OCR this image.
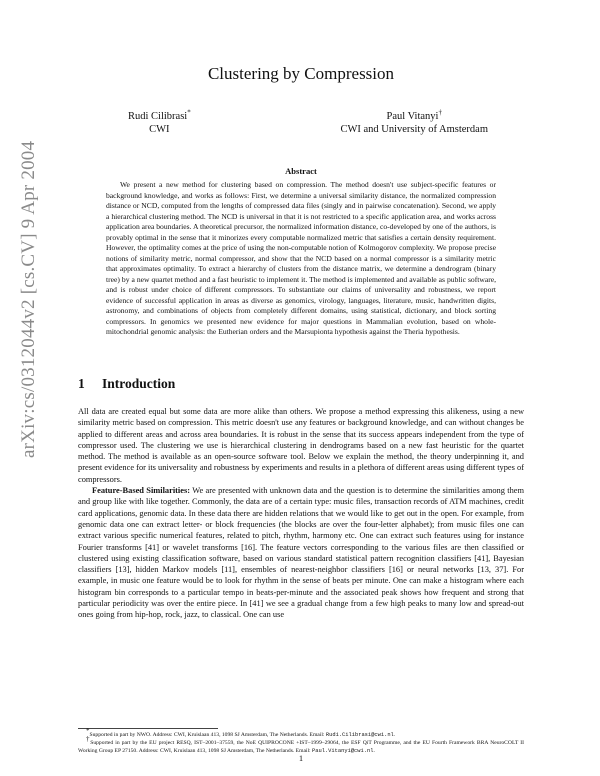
arXiv:cs/0312044v2 [cs.CV] 9 Apr 2004
Clustering by Compression
Rudi Cilibrasi*
CWI
Paul Vitanyi†
CWI and University of Amsterdam
Abstract
We present a new method for clustering based on compression. The method doesn't use subject-specific features or background knowledge, and works as follows: First, we determine a universal similarity distance, the normalized compression distance or NCD, computed from the lengths of compressed data files (singly and in pairwise concatenation). Second, we apply a hierarchical clustering method. The NCD is universal in that it is not restricted to a specific application area, and works across application area boundaries. A theoretical precursor, the normalized information distance, co-developed by one of the authors, is provably optimal in the sense that it minorizes every computable normalized metric that satisfies a certain density requirement. However, the optimality comes at the price of using the non-computable notion of Kolmogorov complexity. We propose precise notions of similarity metric, normal compressor, and show that the NCD based on a normal compressor is a similarity metric that approximates optimality. To extract a hierarchy of clusters from the distance matrix, we determine a dendrogram (binary tree) by a new quartet method and a fast heuristic to implement it. The method is implemented and available as public software, and is robust under choice of different compressors. To substantiate our claims of universality and robustness, we report evidence of successful application in areas as diverse as genomics, virology, languages, literature, music, handwritten digits, astronomy, and combinations of objects from completely different domains, using statistical, dictionary, and block sorting compressors. In genomics we presented new evidence for major questions in Mammalian evolution, based on whole-mitochondrial genomic analysis: the Eutherian orders and the Marsupionta hypothesis against the Theria hypothesis.
1 Introduction

All data are created equal but some data are more alike than others. We propose a method expressing this alikeness, using a new similarity metric based on compression. This metric doesn't use any features or background knowledge, and can without changes be applied to different areas and across area boundaries. It is robust in the sense that its success appears independent from the type of compressor used. The clustering we use is hierarchical clustering in dendrograms based on a new fast heuristic for the quartet method. The method is available as an open-source software tool. Below we explain the method, the theory underpinning it, and present evidence for its universality and robustness by experiments and results in a plethora of different areas using different types of compressors.

Feature-Based Similarities: We are presented with unknown data and the question is to determine the similarities among them and group like with like together. Commonly, the data are of a certain type: music files, transaction records of ATM machines, credit card applications, genomic data. In these data there are hidden relations that we would like to get out in the open. For example, from genomic data one can extract letter- or block frequencies (the blocks are over the four-letter alphabet); from music files one can extract various specific numerical features, related to pitch, rhythm, harmony etc. One can extract such features using for instance Fourier transforms [41] or wavelet transforms [16]. The feature vectors corresponding to the various files are then classified or clustered using existing classification software, based on various standard statistical pattern recognition classifiers [41], Bayesian classifiers [13], hidden Markov models [11], ensembles of nearest-neighbor classifiers [16] or neural networks [13, 37]. For example, in music one feature would be to look for rhythm in the sense of beats per minute. One can make a histogram where each histogram bin corresponds to a particular tempo in beats-per-minute and the associated peak shows how frequent and strong that particular periodicity was over the entire piece. In [41] we see a gradual change from a few high peaks to many low and spread-out ones going from hip-hop, rock, jazz, to classical. One can use

*Supported in part by NWO. Address: CWI, Kruislaan 413, 1098 SJ Amsterdam, The Netherlands. Email: Rudi.Cilibrasi@cwi.nl.

†Supported in part by the EU project RESQ, IST–2001–37559, the NoE QUIPROCONE +IST–1999–29064, the ESF QiT Programme, and the EU Fourth Framework BRA NeuroCOLT II Working Group EP 27150. Address: CWI, Kruislaan 413, 1098 SJ Amsterdam, The Netherlands. Email: Paul.Vitanyi@cwi.nl.

1
